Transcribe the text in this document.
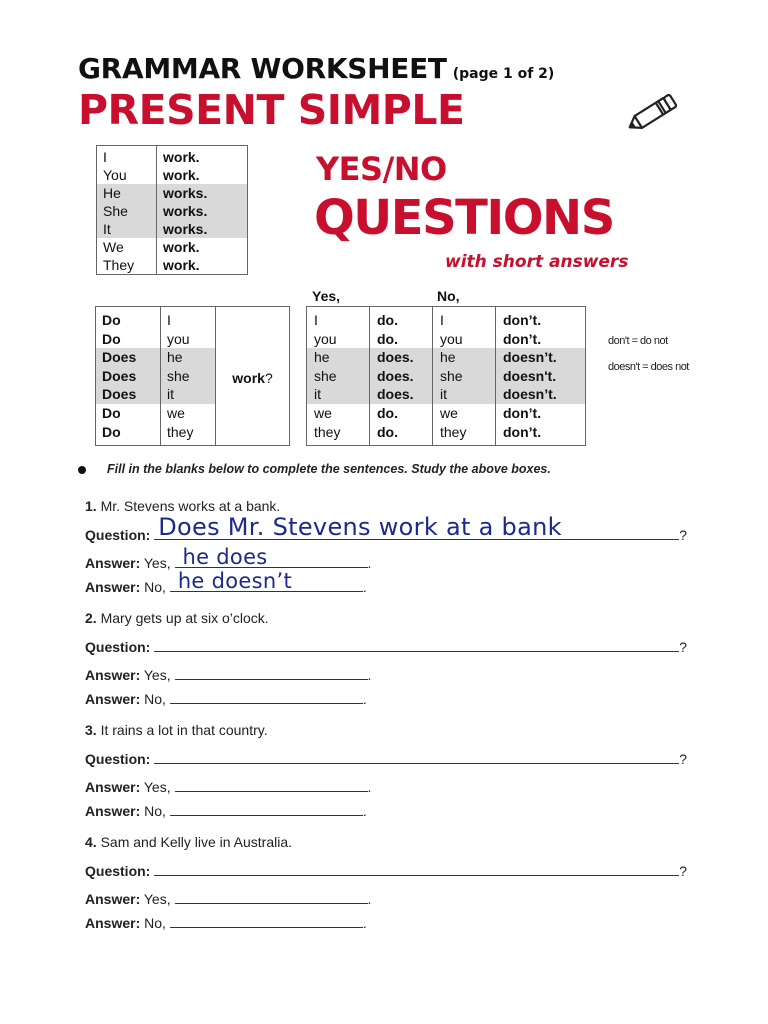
GRAMMAR WORKSHEET (page 1 of 2)
PRESENT SIMPLE
I	work.
You	work.
He	works.
She	works.
It	works.
We	work.
They	work.
YES/NO
QUESTIONS
with short answers
Do	I	work?
Do	you	
Does	he	
Does	she	
Does	it	
Do	we	
Do	they	
Yes,	No,
I	do.	I	don’t.
you	do.	you	don’t.
he	does.	he	doesn’t.
she	does.	she	doesn't.
it	does.	it	doesn’t.
we	do.	we	don’t.
they	do.	they	don’t.
don't = do not
doesn't = does not
Fill in the blanks below to complete the sentences. Study the above boxes.
1. Mr. Stevens works at a bank.
Question: Does Mr. Stevens work at a bank	?
Answer: Yes, he does	.
Answer: No, he doesn’t	.
2. Mary gets up at six o’clock.
Question:	?
Answer: Yes,	.
Answer: No,	.
3. It rains a lot in that country.
Question:	?
Answer: Yes,	.
Answer: No,	.
4. Sam and Kelly live in Australia.
Question:	?
Answer: Yes,	.
Answer: No,	.
